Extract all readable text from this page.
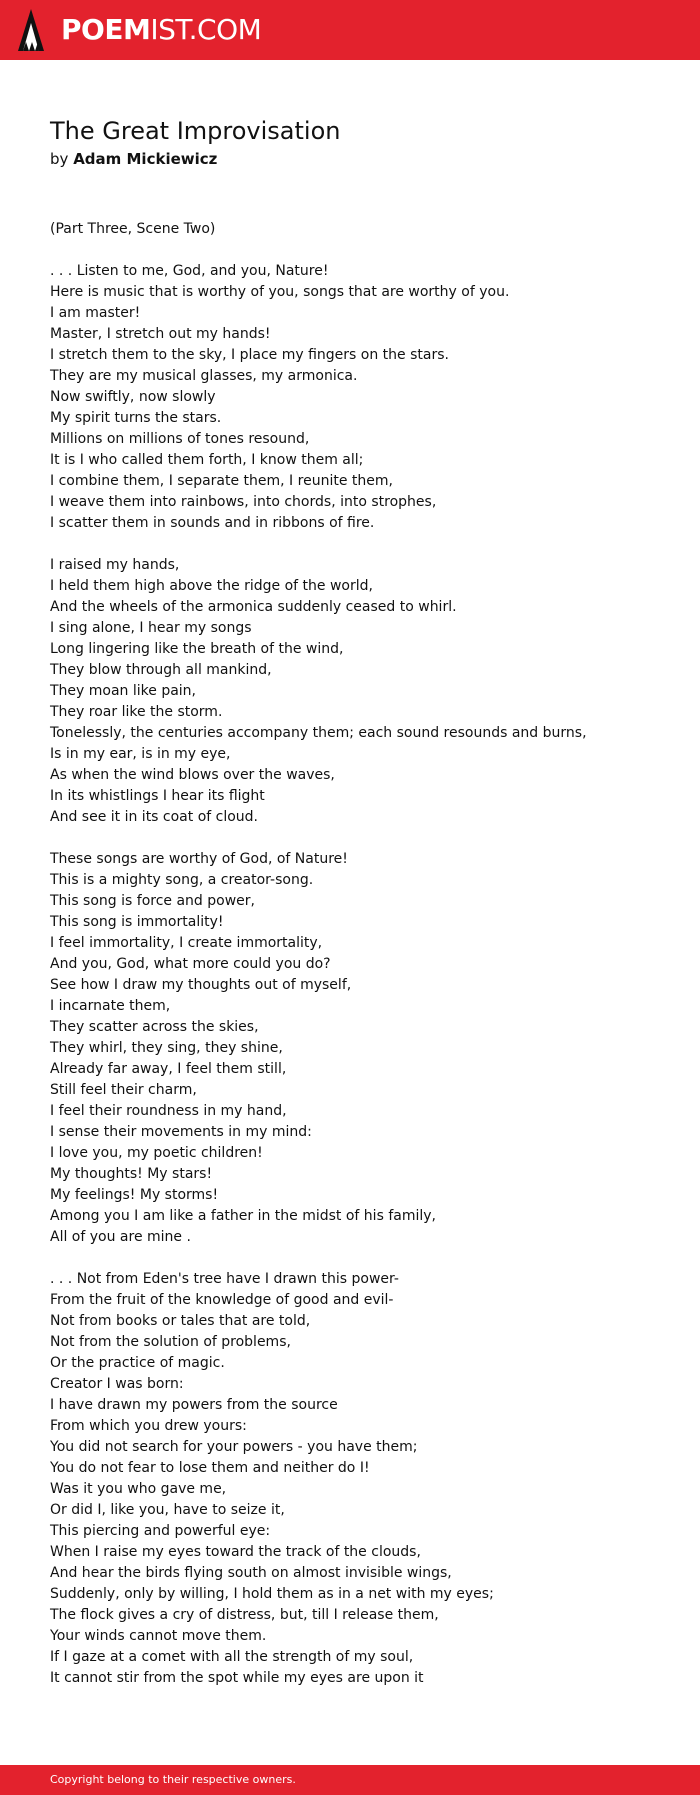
POEMIST.COM
The Great Improvisation
by Adam Mickiewicz
(Part Three, Scene Two)
. . . Listen to me, God, and you, Nature!
Here is music that is worthy of you, songs that are worthy of you.
I am master!
Master, I stretch out my hands!
I stretch them to the sky, I place my fingers on the stars.
They are my musical glasses, my armonica.
Now swiftly, now slowly
My spirit turns the stars.
Millions on millions of tones resound,
It is I who called them forth, I know them all;
I combine them, I separate them, I reunite them,
I weave them into rainbows, into chords, into strophes,
I scatter them in sounds and in ribbons of fire.
I raised my hands,
I held them high above the ridge of the world,
And the wheels of the armonica suddenly ceased to whirl.
I sing alone, I hear my songs
Long lingering like the breath of the wind,
They blow through all mankind,
They moan like pain,
They roar like the storm.
Tonelessly, the centuries accompany them; each sound resounds and burns,
Is in my ear, is in my eye,
As when the wind blows over the waves,
In its whistlings I hear its flight
And see it in its coat of cloud.
These songs are worthy of God, of Nature!
This is a mighty song, a creator-song.
This song is force and power,
This song is immortality!
I feel immortality, I create immortality,
And you, God, what more could you do?
See how I draw my thoughts out of myself,
I incarnate them,
They scatter across the skies,
They whirl, they sing, they shine,
Already far away, I feel them still,
Still feel their charm,
I feel their roundness in my hand,
I sense their movements in my mind:
I love you, my poetic children!
My thoughts! My stars!
My feelings! My storms!
Among you I am like a father in the midst of his family,
All of you are mine .
. . . Not from Eden's tree have I drawn this power-
From the fruit of the knowledge of good and evil-
Not from books or tales that are told,
Not from the solution of problems,
Or the practice of magic.
Creator I was born:
I have drawn my powers from the source
From which you drew yours:
You did not search for your powers - you have them;
You do not fear to lose them and neither do I!
Was it you who gave me,
Or did I, like you, have to seize it,
This piercing and powerful eye:
When I raise my eyes toward the track of the clouds,
And hear the birds flying south on almost invisible wings,
Suddenly, only by willing, I hold them as in a net with my eyes;
The flock gives a cry of distress, but, till I release them,
Your winds cannot move them.
If I gaze at a comet with all the strength of my soul,
It cannot stir from the spot while my eyes are upon it
Copyright belong to their respective owners.
